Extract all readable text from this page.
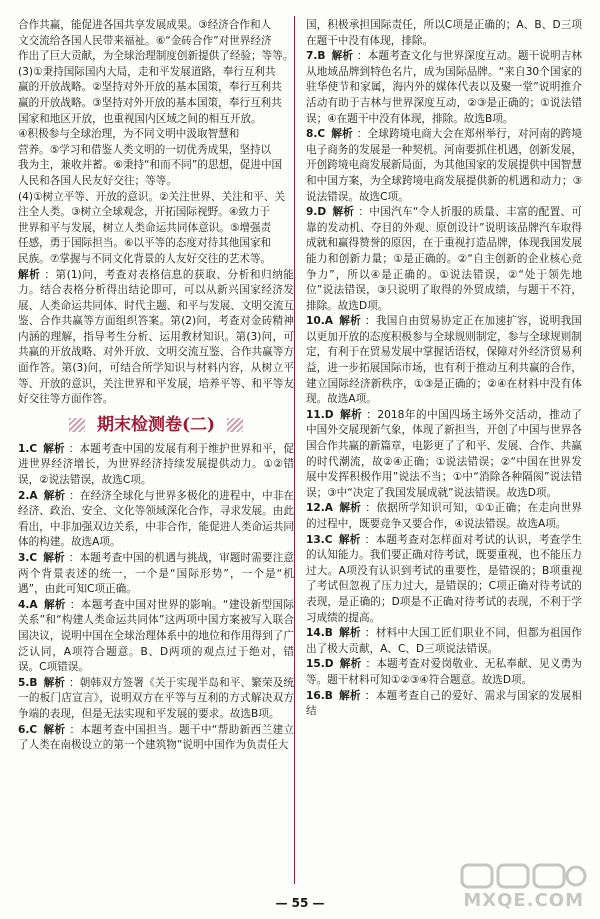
合作共赢，能促进各国共享发展成果。③经济合作和人

文交流给各国人民带来福祉。⑥“金砖合作”对世界经济

作出了巨大贡献，为全球治理制度创新提供了经验；等等。

(3)①秉持国际国内大局，走和平发展道路，奉行互利共

赢的开放战略。②坚持对外开放的基本国策，奉行互利共

赢的开放战略。③坚持对外开放的基本国策，奉行互利共

国家和地区开放，也重视国内区域之间的相互开放。

④积极参与全球治理，为不同文明中汲取智慧和

营养。⑤学习和借鉴人类文明的一切优秀成果，坚持以

我为主，兼收并蓄。⑥秉持“和而不同”的思想，促进中国

人民和各国人民友好交往；等等。

(4)①树立平等、开放的意识。②关注世界、关注和平、关

注全人类。③树立全球观念，开拓国际视野。④致力于

世界和平与发展，树立人类命运共同体意识。⑤增强责

任感，勇于国际担当。⑥以平等的态度对待其他国家和

民族。⑦掌握与不同文化背景的人友好交往的艺术等。

解析 ：第(1)问，考查对表格信息的获取、分析和归纳能力。结合表格分析得出结论即可，可以从新兴国家经济发展、人类命运共同体、时代主题、和平与发展、文明交流互鉴、合作共赢等方面组织答案。第(2)问，考查对金砖精神内涵的理解，指导考生分析、运用教材知识。第(3)问，可共赢的开放战略、对外开放、文明交流互鉴、合作共赢等方面作答。第(3)问，可结合所学知识与材料内容，从树立平等、开放的意识，关注世界和平发展，培养平等、和平等友好交往等方面作答。

期末检测卷(二)

1.C 解析 ：本题考查中国的发展有利于维护世界和平，促进世界经济增长，为世界经济持续发展提供动力。①②错误，②说法错误，故选C项。

2.A 解析 ：在经济全球化与世界多极化的进程中，中非在经济、政治、安全、文化等领域深化合作，寻求发展。由此看出，中非加强双边关系，中非合作，能促进人类命运共同体的构建。故选A项。

3.C 解析 ：本题考查中国的机遇与挑战，审题时需要注意两个背景表述的统一，一个是“国际形势”，一个是“机遇”，由此可知C项正确。

4.A 解析 ：本题考查中国对世界的影响。“建设新型国际关系”和“构建人类命运共同体”这两项中国方案被写入联合国决议，说明中国在全球治理体系中的地位和作用得到了广泛认同，A项符合题意。B、D两项的观点过于绝对，错误。C项错误。

5.B 解析 ：朝韩双方签署《关于实现半岛和平、繁荣及统一的板门店宣言》，说明双方在平等与互利的方式解决双方争端的表现，但是无法实现和平发展的要求。故选B项。

6.C 解析 ：本题考查中国担当。题干中“帮助新西兰建立了人类在南极设立的第一个建筑物”说明中国作为负责任大

国，积极承担国际责任，所以C项是正确的；A、B、D三项在题干中没有体现，排除。

7.B 解析 ：本题考查文化与世界深度互动。题干说明吉林从地域品牌到特色名片，成为国际品牌。“来自30个国家的驻华使节和家属，海内外的媒体代表以及聚一堂”说明推介活动有助于吉林与世界深度互动，②③是正确的；①说法错误；④在题干中没有体现，排除。故选B项。

8.C 解析 ：全球跨境电商大会在郑州举行，对河南的跨境电子商务的发展是一种契机。河南要抓住机遇，创新发展，开创跨境电商发展新局面，为其他国家的发展提供中国智慧和中国方案，为全球跨境电商发展提供新的机遇和动力；③说法错误。故选C项。

9.D 解析 ：中国汽车“令人折服的质量、丰富的配置、可靠的发动机、夺目的外观、原创设计”说明该品牌汽车取得成就和赢得赞誉的原因，在于重视打造品牌，体现我国发展能力和创新力量；①是正确的。②“自主创新的企业核心竞争力”，所以④是正确的。①说法错误，②“处于领先地位”说法错误，③只说明了取得的外贸成绩，与题干不符，排除。故选D项。

10.A 解析 ：我国自由贸易协定正在加速扩容，说明我国以更加开放的态度积极参与全球规则制定，参与全球规则制定，有利于在贸易发展中掌握话语权，保障对外经济贸易利益，进一步拓展国际市场，也有利于推动互利共赢的合作，建立国际经济新秩序，①③是正确的；②④在材料中没有体现。故选A项。

11.D 解析 ：2018年的中国四场主场外交活动，推动了中国外交展现新气象，体现了新担当，开创了中国与世界各国合作共赢的新篇章，电影更了了和平、发展、合作、共赢的时代潮流，故②④正确；①说法错误；②“中国在世界发展中发挥积极作用”说法不当；①中“消除各种隔阂”说法错误；③中“决定了我国发展成就”说法错误。故选D项。

12.A 解析 ：依据所学知识可知，①①正确；在走向世界的过程中，既要竞争又要合作，④说法错误。故选A项。

13.C 解析 ：本题考查对怎样面对考试的认识，考查学生的认知能力。我们要正确对待考试，既要重视，也不能压力过大。A项没有认识到考试的重要性，是错误的；B项重视了考试但忽视了压力过大，是错误的；C项正确对待考试的表现，是正确的；D项是不正确对待考试的表现，不利于学习成绩的提高。

14.B 解析 ：材料中大国工匠们职业不同，但都为祖国作出了极大贡献，A、C、D三项说法错误。

15.D 解析 ：本题考查对爱岗敬业、无私奉献、见义勇为等。题干材料可知①②③④符合题意。故选D项。

16.B 解析 ：本题考查自己的爱好、需求与国家的发展相结

— 55 —	MXQE.COM
